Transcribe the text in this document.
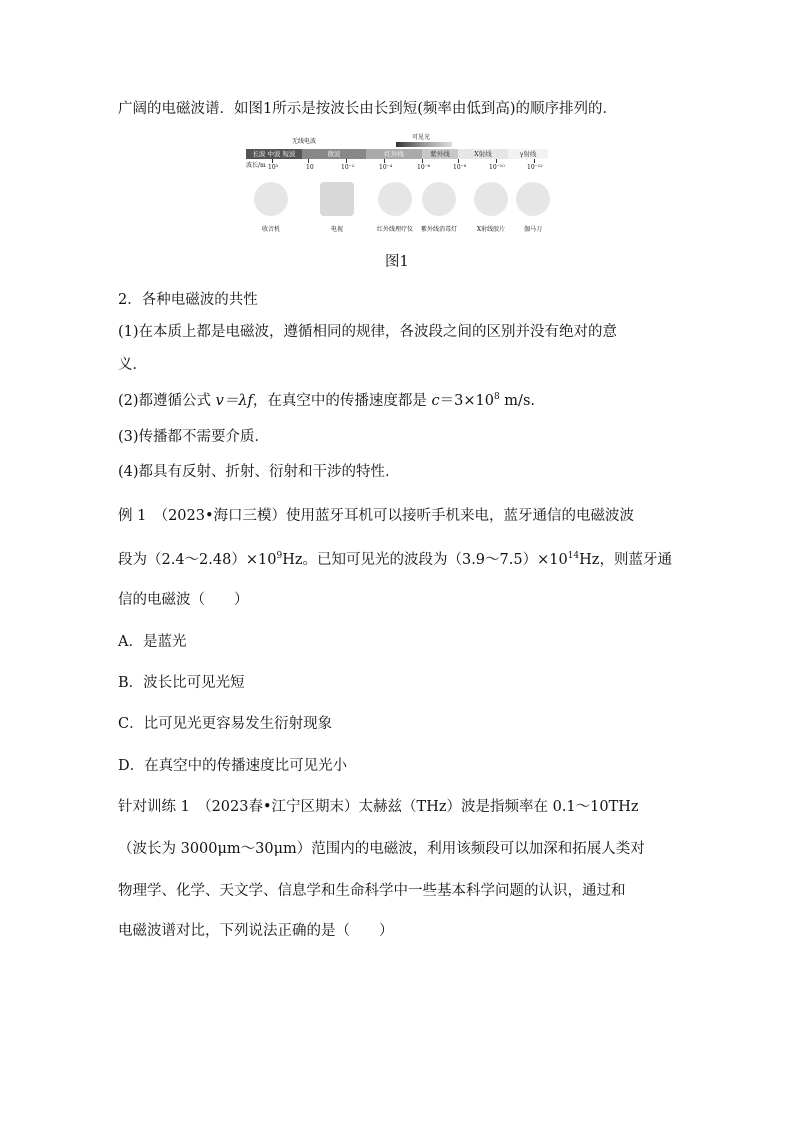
广阔的电磁波谱．如图1所示是按波长由长到短(频率由低到高)的顺序排列的．
无线电波
可见光
长波 中波 短波	微波	红外线	紫外线	X射线	γ射线
波长/m 10³	10	10⁻²	10⁻⁴	10⁻⁶	10⁻⁸	10⁻¹⁰	10⁻¹²
收音机	电视	红外线理疗仪	紫外线消毒灯	X射线胶片	伽马刀
图1
2．各种电磁波的共性
(1)在本质上都是电磁波，遵循相同的规律，各波段之间的区别并没有绝对的意
义．
(2)都遵循公式 v＝λf，在真空中的传播速度都是 $c=3\times 10^8$ m/s.
(3)传播都不需要介质．
(4)都具有反射、折射、衍射和干涉的特性．
例 1　（2023•海口三模）使用蓝牙耳机可以接听手机来电，蓝牙通信的电磁波波
段为$(2.4\sim 2.48)\times 10^9Hz$。已知可见光的波段为$(3.9\sim 7.5)\times 10^{14}Hz$，则蓝牙通
信的电磁波（　　）
A．是蓝光
B．波长比可见光短
C．比可见光更容易发生衍射现象
D．在真空中的传播速度比可见光小
针对训练 1　（2023春•江宁区期末）太赫兹（THz）波是指频率在 0.1～10THz
（波长为 3000μm～30μm）范围内的电磁波，利用该频段可以加深和拓展人类对
物理学、化学、天文学、信息学和生命科学中一些基本科学问题的认识，通过和
电磁波谱对比，下列说法正确的是（　　）
